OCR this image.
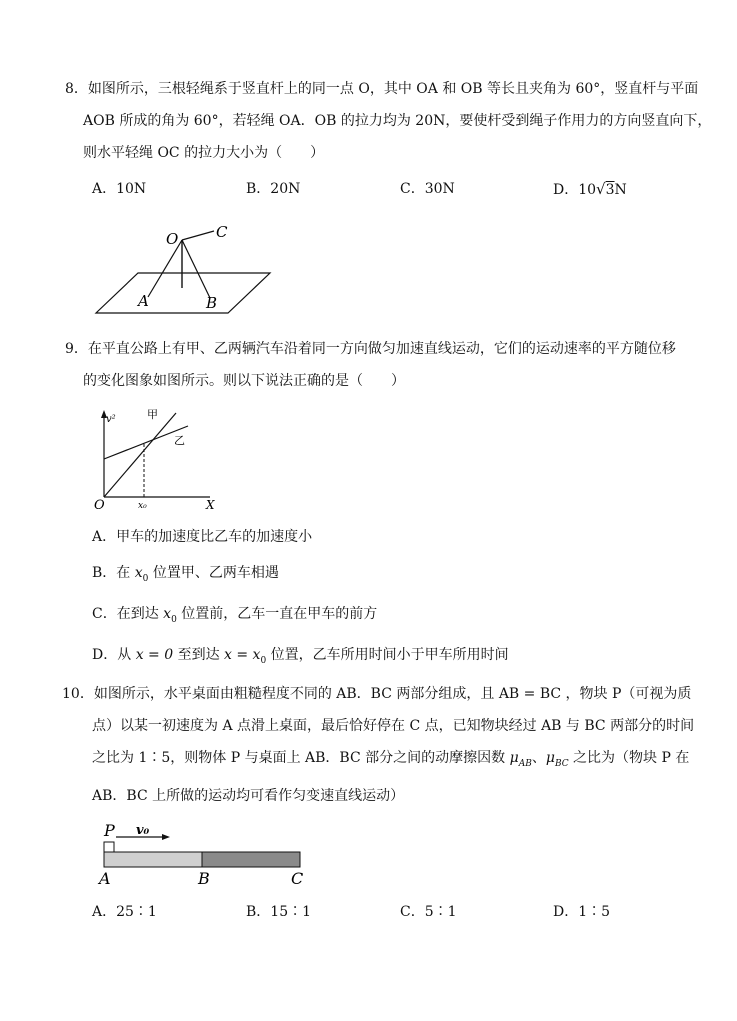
8．如图所示，三根轻绳系于竖直杆上的同一点 O，其中 OA 和 OB 等长且夹角为 60°，竖直杆与平面
AOB 所成的角为 60°，若轻绳 OA．OB 的拉力均为 20N，要使杆受到绳子作用力的方向竖直向下，
则水平轻绳 OC 的拉力大小为（　　）
A．10N	B．20N	C．30N	D．10√3N
O	C
A	B
9．在平直公路上有甲、乙两辆汽车沿着同一方向做匀加速直线运动，它们的运动速率的平方随位移
的变化图象如图所示。则以下说法正确的是（　　）
v²	甲
乙
O	x₀	X
A．甲车的加速度比乙车的加速度小
B．在 $x_0$ 位置甲、乙两车相遇
C．在到达 $x_0$ 位置前，乙车一直在甲车的前方
D．从 x = 0 至到达 $x = x_0$ 位置，乙车所用时间小于甲车所用时间
10．如图所示，水平桌面由粗糙程度不同的 AB．BC 两部分组成，且 AB = BC ，物块 P（可视为质
点）以某一初速度为 A 点滑上桌面，最后恰好停在 C 点，已知物块经过 AB 与 BC 两部分的时间
之比为 1∶5，则物体 P 与桌面上 AB．BC 部分之间的动摩擦因数 $\mu_{AB}$、$\mu_{BC}$ 之比为（物块 P 在
AB．BC 上所做的运动均可看作匀变速直线运动）
P v₀
A	B	C
A．25∶1	B．15∶1	C．5∶1	D．1∶5
